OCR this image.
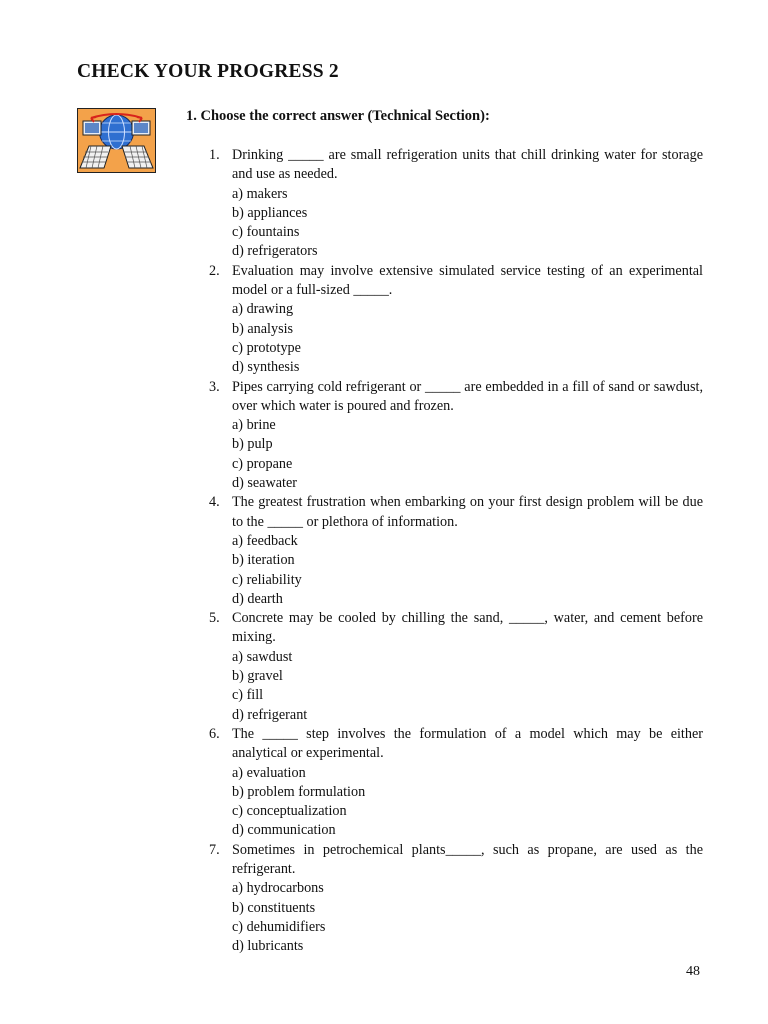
CHECK YOUR PROGRESS 2
1. Choose the correct answer (Technical Section):
1. Drinking _____ are small refrigeration units that chill drinking water for storage and use as needed.
a) makers
b) appliances
c) fountains
d) refrigerators
2. Evaluation may involve extensive simulated service testing of an experimental model or a full-sized _____.
a) drawing
b) analysis
c) prototype
d) synthesis
3. Pipes carrying cold refrigerant or _____ are embedded in a fill of sand or sawdust, over which water is poured and frozen.
a) brine
b) pulp
c) propane
d) seawater
4. The greatest frustration when embarking on your first design problem will be due to the _____ or plethora of information.
a) feedback
b) iteration
c) reliability
d) dearth
5. Concrete may be cooled by chilling the sand, _____, water, and cement before mixing.
a) sawdust
b) gravel
c) fill
d) refrigerant
6. The _____ step involves the formulation of a model which may be either analytical or experimental.
a) evaluation
b) problem formulation
c) conceptualization
d) communication
7. Sometimes in petrochemical plants_____, such as propane, are used as the refrigerant.
a) hydrocarbons
b) constituents
c) dehumidifiers
d) lubricants
48
